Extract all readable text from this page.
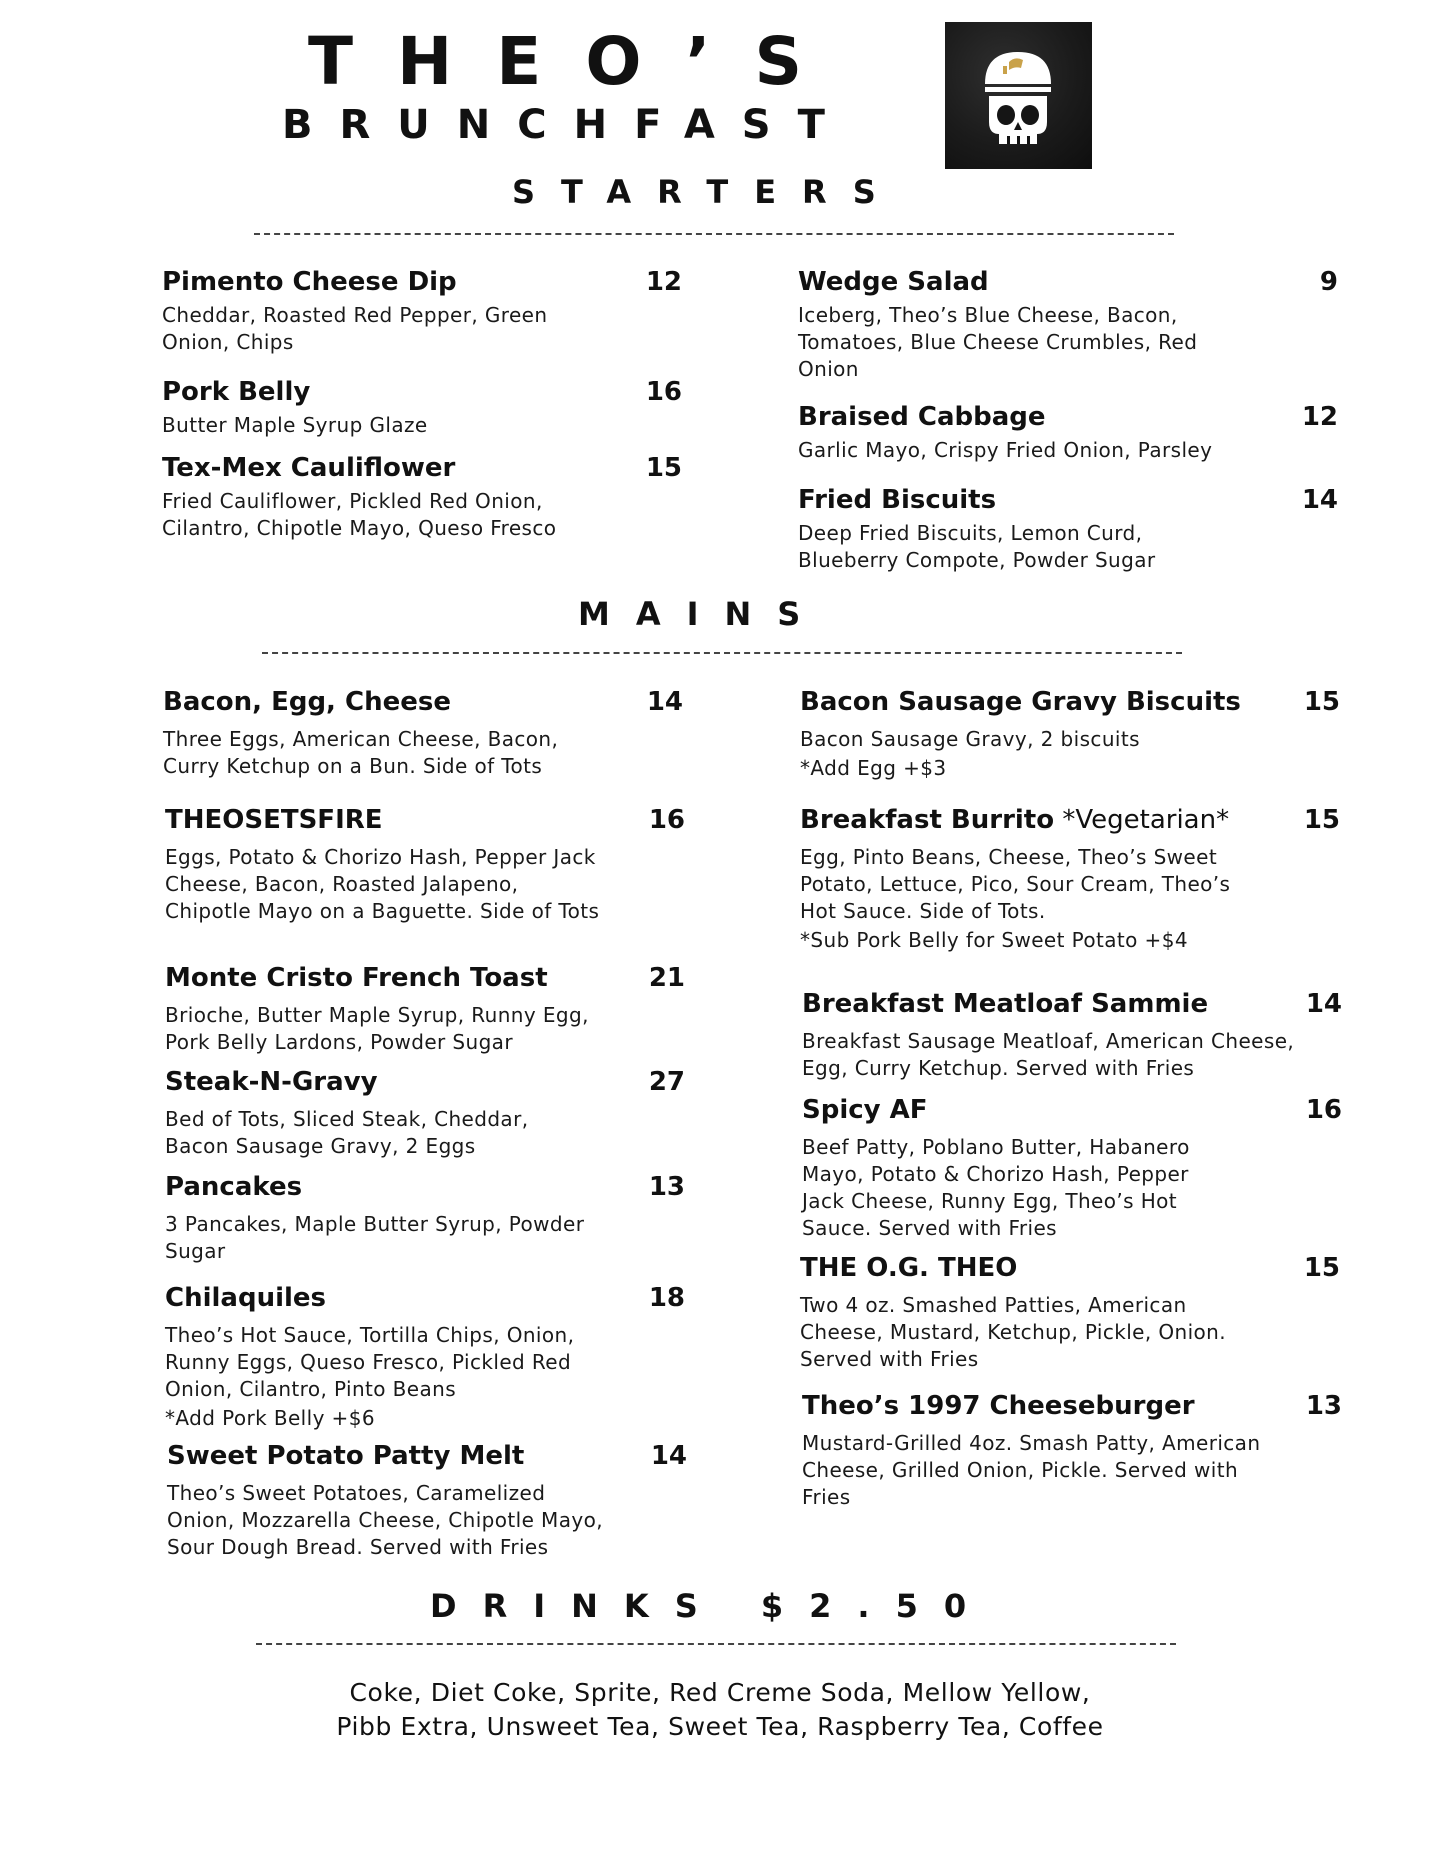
THEO’S
BRUNCHFAST
STARTERS
Pimento Cheese Dip	12
Cheddar, Roasted Red Pepper, Green Onion, Chips
Pork Belly	16
Butter Maple Syrup Glaze
Tex-Mex Cauliflower	15
Fried Cauliflower, Pickled Red Onion, Cilantro, Chipotle Mayo, Queso Fresco
Wedge Salad	9
Iceberg, Theo’s Blue Cheese, Bacon, Tomatoes, Blue Cheese Crumbles, Red Onion
Braised Cabbage	12
Garlic Mayo, Crispy Fried Onion, Parsley
Fried Biscuits	14
Deep Fried Biscuits, Lemon Curd, Blueberry Compote, Powder Sugar
MAINS
Bacon, Egg, Cheese	14
Three Eggs, American Cheese, Bacon, Curry Ketchup on a Bun. Side of Tots
THEOSETSFIRE	16
Eggs, Potato & Chorizo Hash, Pepper Jack Cheese, Bacon, Roasted Jalapeno, Chipotle Mayo on a Baguette. Side of Tots
Monte Cristo French Toast	21
Brioche, Butter Maple Syrup, Runny Egg, Pork Belly Lardons, Powder Sugar
Steak-N-Gravy	27
Bed of Tots, Sliced Steak, Cheddar, Bacon Sausage Gravy, 2 Eggs
Pancakes	13
3 Pancakes, Maple Butter Syrup, Powder Sugar
Chilaquiles	18
Theo’s Hot Sauce, Tortilla Chips, Onion, Runny Eggs, Queso Fresco, Pickled Red Onion, Cilantro, Pinto Beans
*Add Pork Belly +$6
Sweet Potato Patty Melt	14
Theo’s Sweet Potatoes, Caramelized Onion, Mozzarella Cheese, Chipotle Mayo, Sour Dough Bread. Served with Fries
Bacon Sausage Gravy Biscuits 15
Bacon Sausage Gravy, 2 biscuits
*Add Egg +$3
Breakfast Burrito *Vegetarian*	15
Egg, Pinto Beans, Cheese, Theo’s Sweet Potato, Lettuce, Pico, Sour Cream, Theo’s Hot Sauce. Side of Tots.
*Sub Pork Belly for Sweet Potato +$4
Breakfast Meatloaf Sammie	14
Breakfast Sausage Meatloaf, American Cheese, Egg, Curry Ketchup. Served with Fries
Spicy AF	16
Beef Patty, Poblano Butter, Habanero Mayo, Potato & Chorizo Hash, Pepper Jack Cheese, Runny Egg, Theo’s Hot Sauce. Served with Fries
THE O.G. THEO	15
Two 4 oz. Smashed Patties, American Cheese, Mustard, Ketchup, Pickle, Onion. Served with Fries
Theo’s 1997 Cheeseburger	13
Mustard-Grilled 4oz. Smash Patty, American Cheese, Grilled Onion, Pickle. Served with Fries
DRINKS $2.50
Coke, Diet Coke, Sprite, Red Creme Soda, Mellow Yellow,
Pibb Extra, Unsweet Tea, Sweet Tea, Raspberry Tea, Coffee
